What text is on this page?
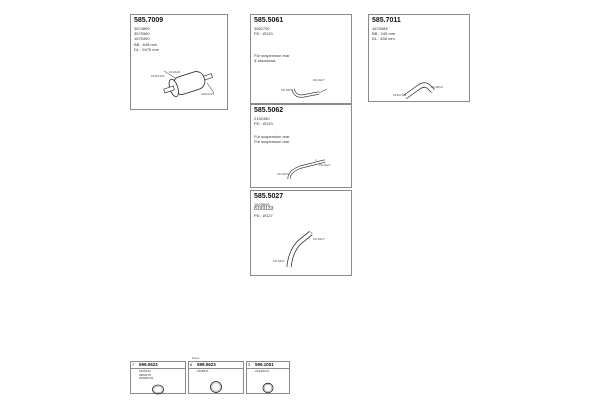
585.7009
3574809
3575980
1675490
BB : 645 mm
DL : 9475 mm
1516Y121
10-0140
1D0-0127
585.5061
3962790
PD : Ø120
Für suspension rear
& stockiowa
1D-0127
2D-0127
585.7011
1675984
BB : 245 mm
DL : 456 mm
1516Y121
1D-0210
585.5062
2152450
PD : Ø120
Für suspension rear
Für suspension rear
1
1D-0127
1D-0127
585.5027
1629605
8199133
PD : Ø127
1
1D-0127
1D-0127
Fixes
7 599.0622
1625134
3962478
2248/0122
6 599.0623
1595871
3 599.1001
2243/3247
